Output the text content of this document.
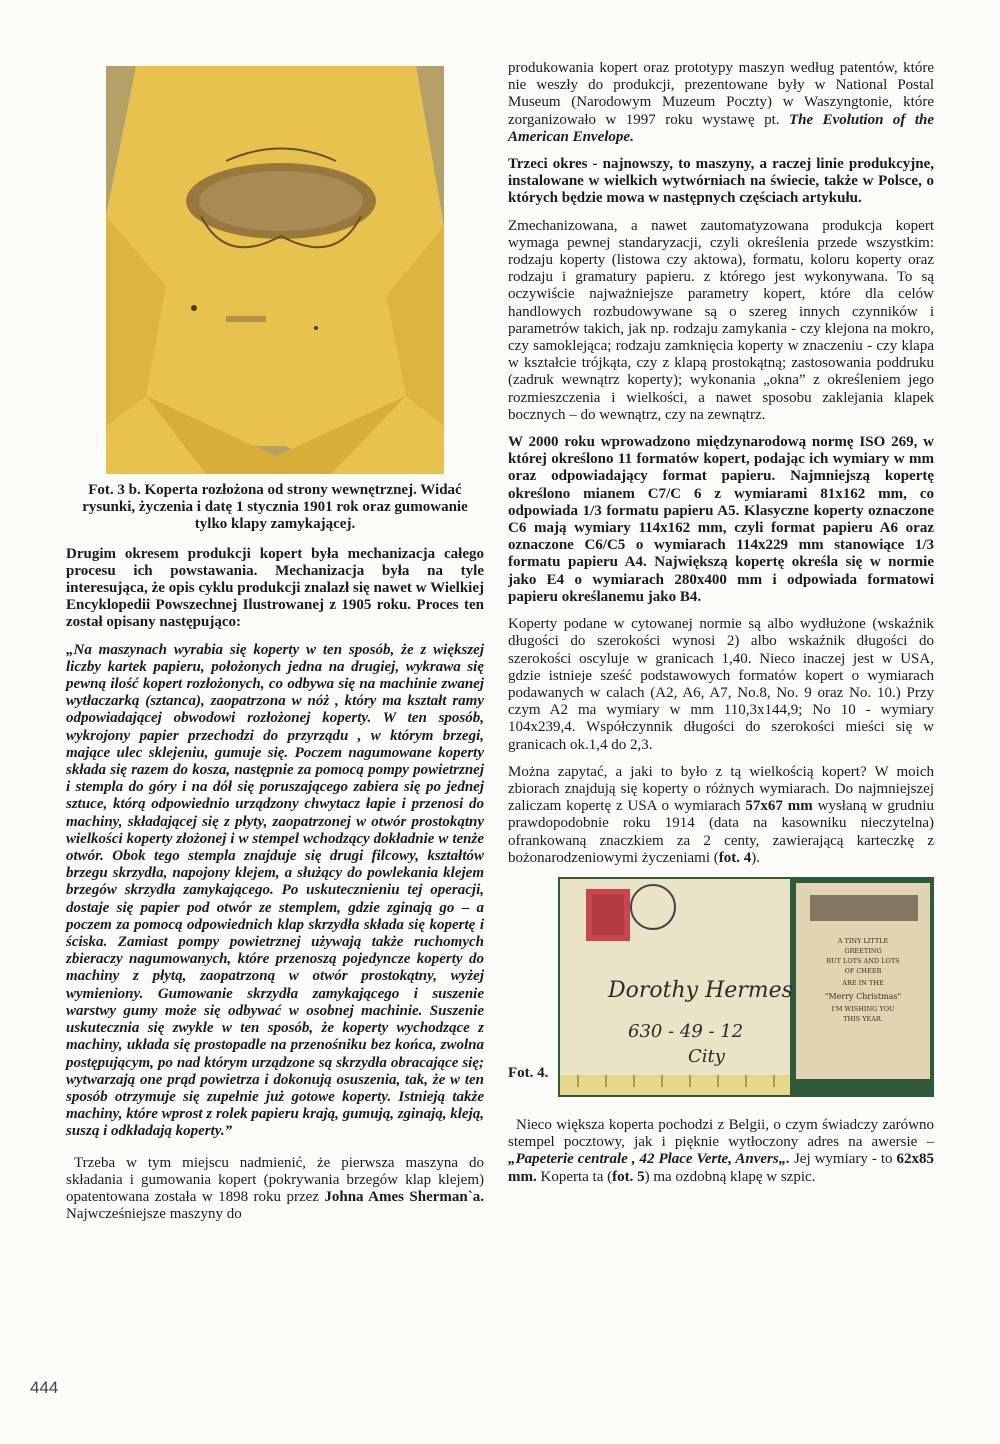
Fot. 3 b. Koperta rozłożona od strony wewnętrznej. Widać rysunki, życzenia i datę 1 stycznia 1901 rok oraz gumowanie tylko klapy zamykającej.

Drugim okresem produkcji kopert była mechanizacja całego procesu ich powstawania. Mechanizacja była na tyle interesująca, że opis cyklu produkcji znalazł się nawet w Wielkiej Encyklopedii Powszechnej Ilustrowanej z 1905 roku. Proces ten został opisany następująco:

„Na maszynach wyrabia się koperty w ten sposób, że z większej liczby kartek papieru, położonych jedna na drugiej, wykrawa się pewną ilość kopert rozłożonych, co odbywa się na machinie zwanej wytłaczarką (sztanca), zaopatrzona w nóż , który ma kształt ramy odpowiadającej obwodowi rozłożonej koperty. W ten sposób, wykrojony papier przechodzi do przyrządu , w którym brzegi, mające ulec sklejeniu, gumuje się. Poczem nagumowane koperty składa się razem do kosza, następnie za pomocą pompy powietrznej i stempla do góry i na dół się poruszającego zabiera się po jednej sztuce, którą odpowiednio urządzony chwytacz łapie i przenosi do machiny, składającej się z płyty, zaopatrzonej w otwór prostokątny wielkości koperty złożonej i w stempel wchodzący dokładnie w tenże otwór. Obok tego stempla znajduje się drugi filcowy, kształtów brzegu skrzydła, napojony klejem, a służący do powlekania klejem brzegów skrzydła zamykającego. Po uskutecznieniu tej operacji, dostaje się papier pod otwór ze stemplem, gdzie zginają go – a poczem za pomocą odpowiednich klap skrzydła składa się kopertę i ściska. Zamiast pompy powietrznej używają także ruchomych zbieraczy nagumowanych, które przenoszą pojedyncze koperty do machiny z płytą, zaopatrzoną w otwór prostokątny, wyżej wymieniony. Gumowanie skrzydła zamykającego i suszenie warstwy gumy może się odbywać w osobnej machinie. Suszenie uskutecznia się zwykle w ten sposób, że koperty wychodzące z machiny, układa się prostopadle na przenośniku bez końca, zwolna postępującym, po nad którym urządzone są skrzydła obracające się; wytwarzają one prąd powietrza i dokonują osuszenia, tak, że w ten sposób otrzymuje się zupełnie już gotowe koperty. Istnieją także machiny, które wprost z rolek papieru krają, gumują, zginają, kleją, suszą i odkładają koperty.”

Trzeba w tym miejscu nadmienić, że pierwsza maszyna do składania i gumowania kopert (pokrywania brzegów klap klejem) opatentowana została w 1898 roku przez Johna Ames Sherman`a. Najwcześniejsze maszyny do

produkowania kopert oraz prototypy maszyn według patentów, które nie weszły do produkcji, prezentowane były w National Postal Museum (Narodowym Muzeum Poczty) w Waszyngtonie, które zorganizowało w 1997 roku wystawę pt. The Evolution of the American Envelope.

Trzeci okres - najnowszy, to maszyny, a raczej linie produkcyjne, instalowane w wielkich wytwórniach na świecie, także w Polsce, o których będzie mowa w następnych częściach artykułu.

Zmechanizowana, a nawet zautomatyzowana produkcja kopert wymaga pewnej standaryzacji, czyli określenia przede wszystkim: rodzaju koperty (listowa czy aktowa), formatu, koloru koperty oraz rodzaju i gramatury papieru. z którego jest wykonywana. To są oczywiście najważniejsze parametry kopert, które dla celów handlowych rozbudowywane są o szereg innych czynników i parametrów takich, jak np. rodzaju zamykania - czy klejona na mokro, czy samoklejąca; rodzaju zamknięcia koperty w znaczeniu - czy klapa w kształcie trójkąta, czy z klapą prostokątną; zastosowania poddruku (zadruk wewnątrz koperty); wykonania „okna” z określeniem jego rozmieszczenia i wielkości, a nawet sposobu zaklejania klapek bocznych – do wewnątrz, czy na zewnątrz.

W 2000 roku wprowadzono międzynarodową normę ISO 269, w której określono 11 formatów kopert, podając ich wymiary w mm oraz odpowiadający format papieru. Najmniejszą kopertę określono mianem C7/C 6 z wymiarami 81x162 mm, co odpowiada 1/3 formatu papieru A5. Klasyczne koperty oznaczone C6 mają wymiary 114x162 mm, czyli format papieru A6 oraz oznaczone C6/C5 o wymiarach 114x229 mm stanowiące 1/3 formatu papieru A4. Największą kopertę określa się w normie jako E4 o wymiarach 280x400 mm i odpowiada formatowi papieru określanemu jako B4.

Koperty podane w cytowanej normie są albo wydłużone (wskaźnik długości do szerokości wynosi 2) albo wskaźnik długości do szerokości oscyluje w granicach 1,40. Nieco inaczej jest w USA, gdzie istnieje sześć podstawowych formatów kopert o wymiarach podawanych w calach (A2, A6, A7, No.8, No. 9 oraz No. 10.) Przy czym A2 ma wymiary w mm 110,3x144,9; No 10 - wymiary 104x239,4. Współczynnik długości do szerokości mieści się w granicach ok.1,4 do 2,3.

Można zapytać, a jaki to było z tą wielkością kopert? W moich zbiorach znajdują się koperty o różnych wymiarach. Do najmniejszej zaliczam kopertę z USA o wymiarach 57x67 mm wysłaną w grudniu prawdopodobnie roku 1914 (data na kasowniku nieczytelna) ofrankowaną znaczkiem za 2 centy, zawierającą karteczkę z bożonarodzeniowymi życzeniami (fot. 4).

Fot. 4.
Dorothy Hermes
630 - 49 - 12
City
A TINY LITTLE
GREETING
BUT LOTS AND LOTS
OF CHEER
ARE IN THE
"Merry Christmas"
I'M WISHING YOU
THIS YEAR.

Nieco większa koperta pochodzi z Belgii, o czym świadczy zarówno stempel pocztowy, jak i pięknie wytłoczony adres na awersie – „Papeterie centrale , 42 Place Verte, Anvers„. Jej wymiary - to 62x85 mm. Koperta ta (fot. 5) ma ozdobną klapę w szpic.

444
